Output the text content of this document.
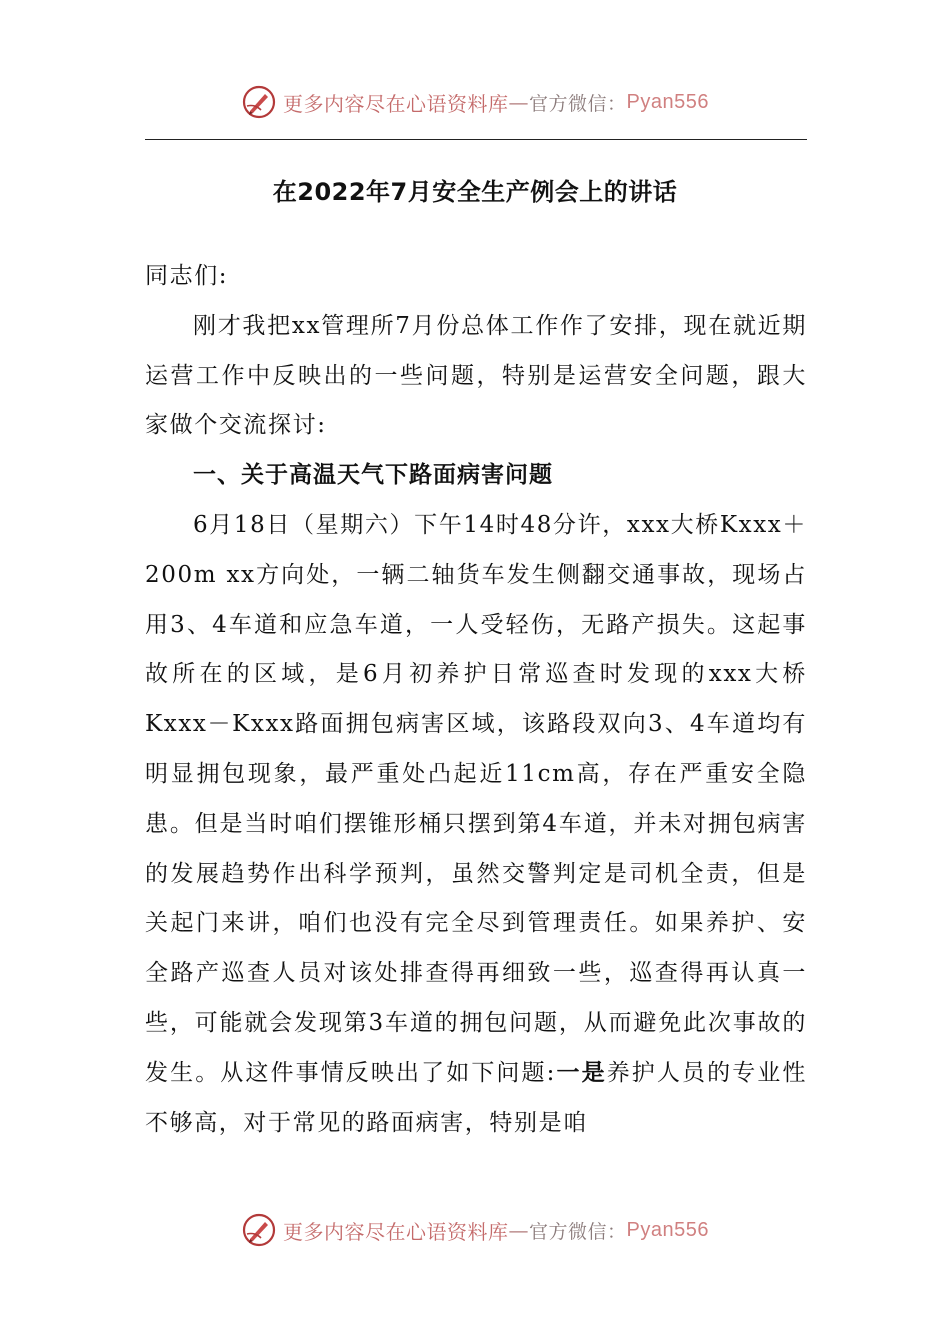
更多内容尽在心语资料库 — 官方微信： Pyan556
在2022年7月安全生产例会上的讲话

同志们:

刚才我把xx管理所7月份总体工作作了安排，现在就近期运营工作中反映出的一些问题，特别是运营安全问题，跟大家做个交流探讨:

一、关于高温天气下路面病害问题

6月18日（星期六）下午14时48分许，xxx大桥Kxxx＋200m xx方向处，一辆二轴货车发生侧翻交通事故，现场占用3、4车道和应急车道，一人受轻伤，无路产损失。这起事故所在的区域，是6月初养护日常巡查时发现的xxx大桥Kxxx－Kxxx路面拥包病害区域，该路段双向3、4车道均有明显拥包现象，最严重处凸起近11cm高，存在严重安全隐患。但是当时咱们摆锥形桶只摆到第4车道，并未对拥包病害的发展趋势作出科学预判，虽然交警判定是司机全责，但是关起门来讲，咱们也没有完全尽到管理责任。如果养护、安全路产巡查人员对该处排查得再细致一些，巡查得再认真一些，可能就会发现第3车道的拥包问题，从而避免此次事故的发生。从这件事情反映出了如下问题:一是养护人员的专业性不够高，对于常见的路面病害，特别是咱

更多内容尽在心语资料库 — 官方微信： Pyan556
